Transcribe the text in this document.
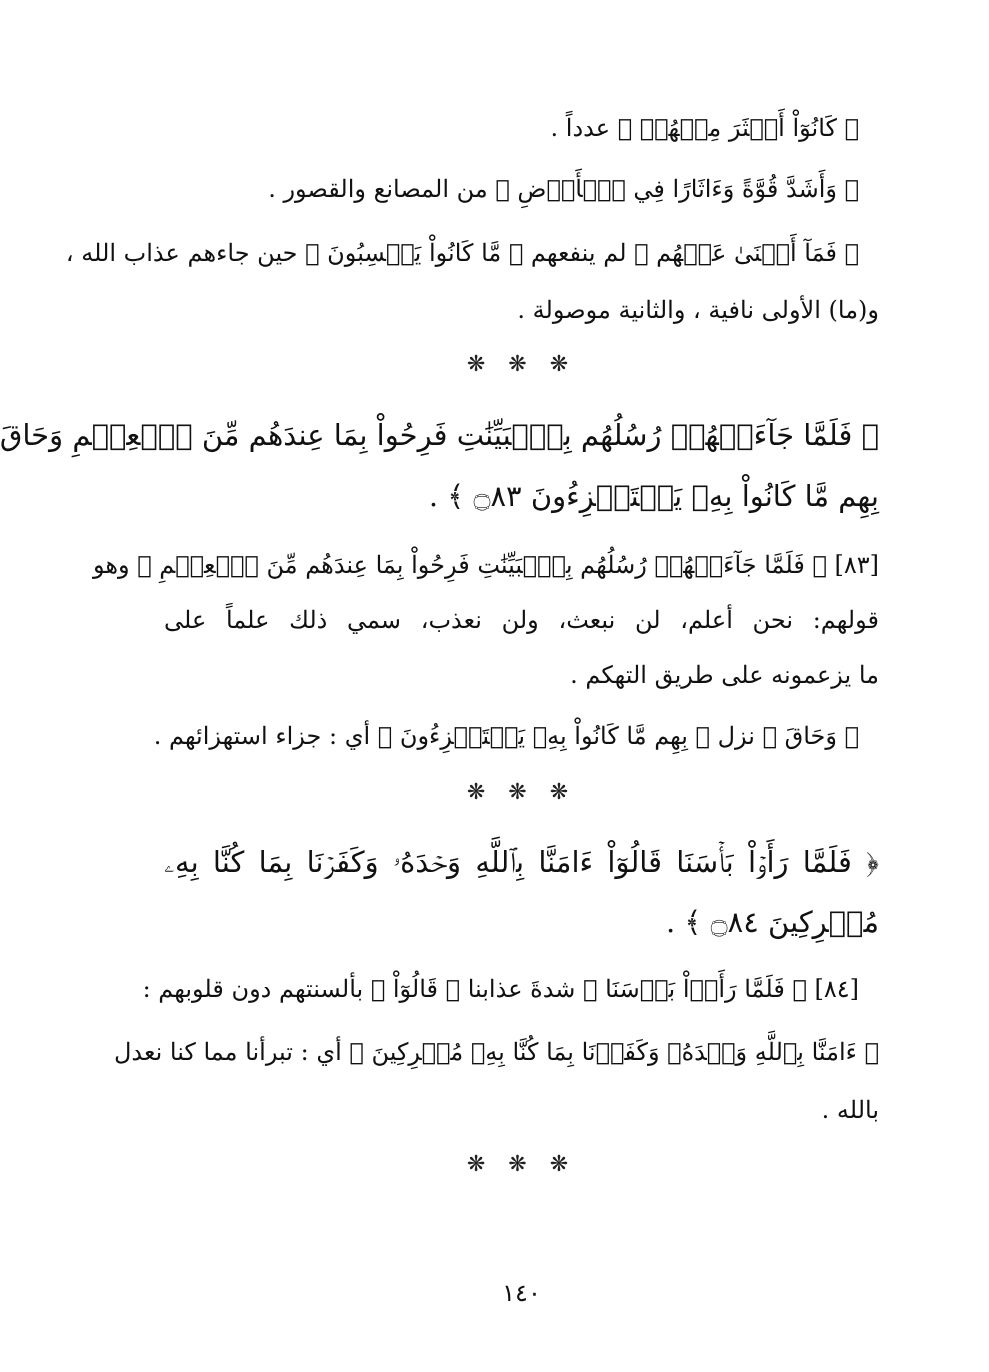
﴿ كَانُوٓاْ أَكۡثَرَ مِنۡهُمۡ ﴾ عدداً .
﴿ وَأَشَدَّ قُوَّةً وَءَاثَارًا فِي ٱلۡأَرۡضِ ﴾ من المصانع والقصور .
﴿ فَمَآ أَغۡنَىٰ عَنۡهُم ﴾ لم ينفعهم ﴿ مَّا كَانُواْ يَكۡسِبُونَ ﴾ حين جاءهم عذاب الله ،
و(ما) الأولى نافية ، والثانية موصولة .
❋ ❋ ❋
﴿ فَلَمَّا جَآءَتۡهُمۡ رُسُلُهُم بِٱلۡبَيِّنَٰتِ فَرِحُواْ بِمَا عِندَهُم مِّنَ ٱلۡعِلۡمِ وَحَاقَ
بِهِم مَّا كَانُواْ بِهِۦ يَسۡتَهۡزِءُونَ ۝٨٣ ﴾ .
[٨٣] ﴿ فَلَمَّا جَآءَتۡهُمۡ رُسُلُهُم بِٱلۡبَيِّنَٰتِ فَرِحُواْ بِمَا عِندَهُم مِّنَ ٱلۡعِلۡمِ ﴾ وهو
قولهم: نحن أعلم، لن نبعث، ولن نعذب، سمي ذلك علماً على
ما يزعمونه على طريق التهكم .
﴿ وَحَاقَ ﴾ نزل ﴿ بِهِم مَّا كَانُواْ بِهِۦ يَسۡتَهۡزِءُونَ ﴾ أي : جزاء استهزائهم .
❋ ❋ ❋
﴿ فَلَمَّا رَأَوۡاْ بَأۡسَنَا قَالُوٓاْ ءَامَنَّا بِٱللَّهِ وَحۡدَهُۥ وَكَفَرۡنَا بِمَا كُنَّا بِهِۦ
مُشۡرِكِينَ ۝٨٤ ﴾ .
[٨٤] ﴿ فَلَمَّا رَأَوۡاْ بَأۡسَنَا ﴾ شدةَ عذابنا ﴿ قَالُوٓاْ ﴾ بألسنتهم دون قلوبهم :
﴿ ءَامَنَّا بِٱللَّهِ وَحۡدَهُۥ وَكَفَرۡنَا بِمَا كُنَّا بِهِۦ مُشۡرِكِينَ ﴾ أي : تبرأنا مما كنا نعدل
بالله .
❋ ❋ ❋
١٤٠
